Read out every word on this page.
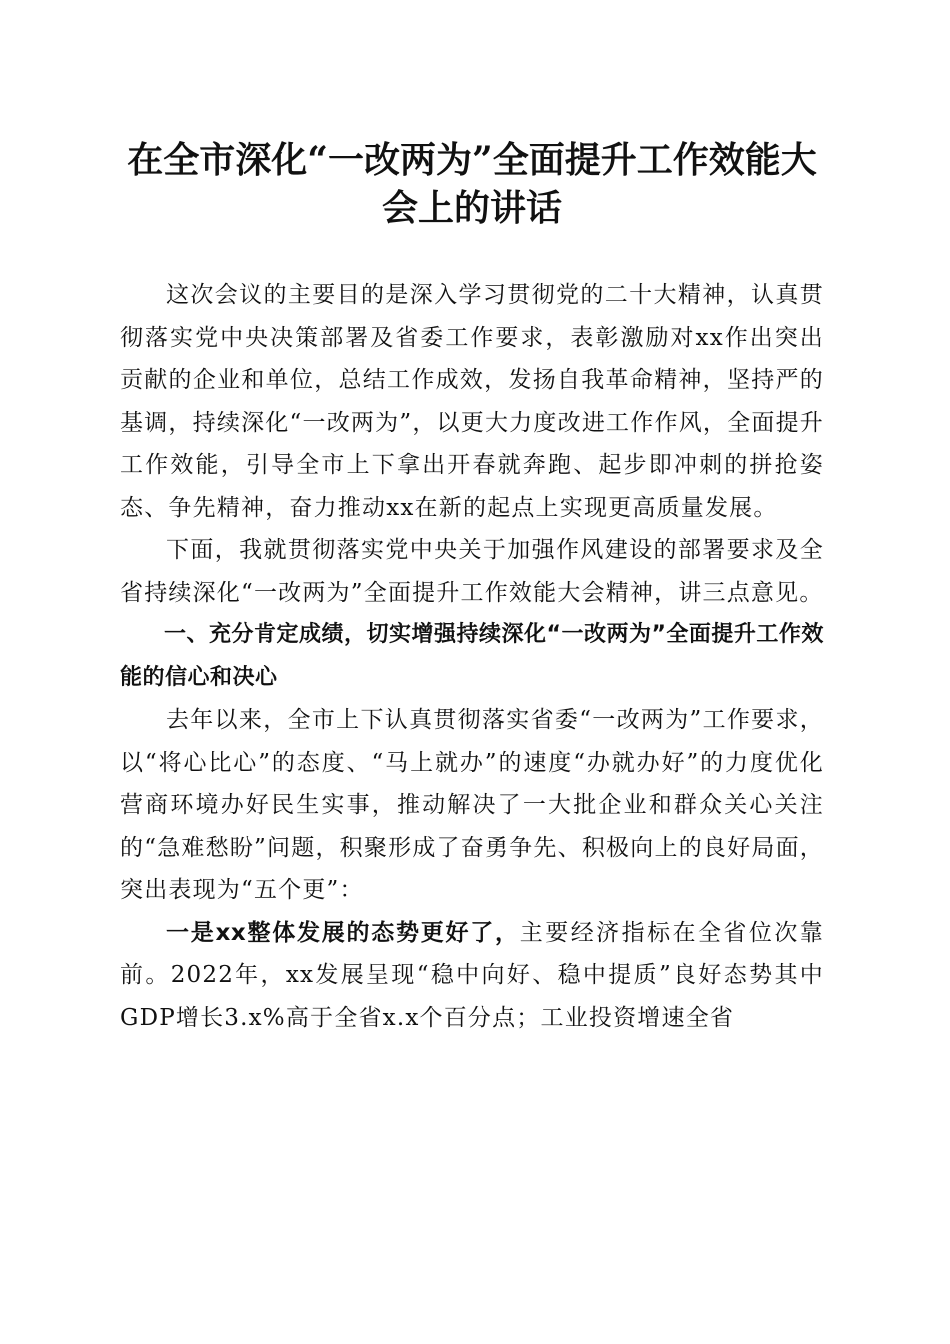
在全市深化“一改两为”全面提升工作效能大会上的讲话

这次会议的主要目的是深入学习贯彻党的二十大精神，认真贯彻落实党中央决策部署及省委工作要求，表彰激励对xx作出突出贡献的企业和单位，总结工作成效，发扬自我革命精神，坚持严的基调，持续深化“一改两为”，以更大力度改进工作作风，全面提升工作效能，引导全市上下拿出开春就奔跑、起步即冲刺的拼抢姿态、争先精神，奋力推动xx在新的起点上实现更高质量发展。

下面，我就贯彻落实党中央关于加强作风建设的部署要求及全省持续深化“一改两为”全面提升工作效能大会精神，讲三点意见。

一、充分肯定成绩，切实增强持续深化“一改两为”全面提升工作效能的信心和决心

去年以来，全市上下认真贯彻落实省委“一改两为”工作要求，以“将心比心”的态度、“马上就办”的速度“办就办好”的力度优化营商环境办好民生实事，推动解决了一大批企业和群众关心关注的“急难愁盼”问题，积聚形成了奋勇争先、积极向上的良好局面，突出表现为“五个更”：

一是xx整体发展的态势更好了，主要经济指标在全省位次靠前。2022年，xx发展呈现“稳中向好、稳中提质”良好态势其中GDP增长3.x%高于全省x.x个百分点；工业投资增速全省
